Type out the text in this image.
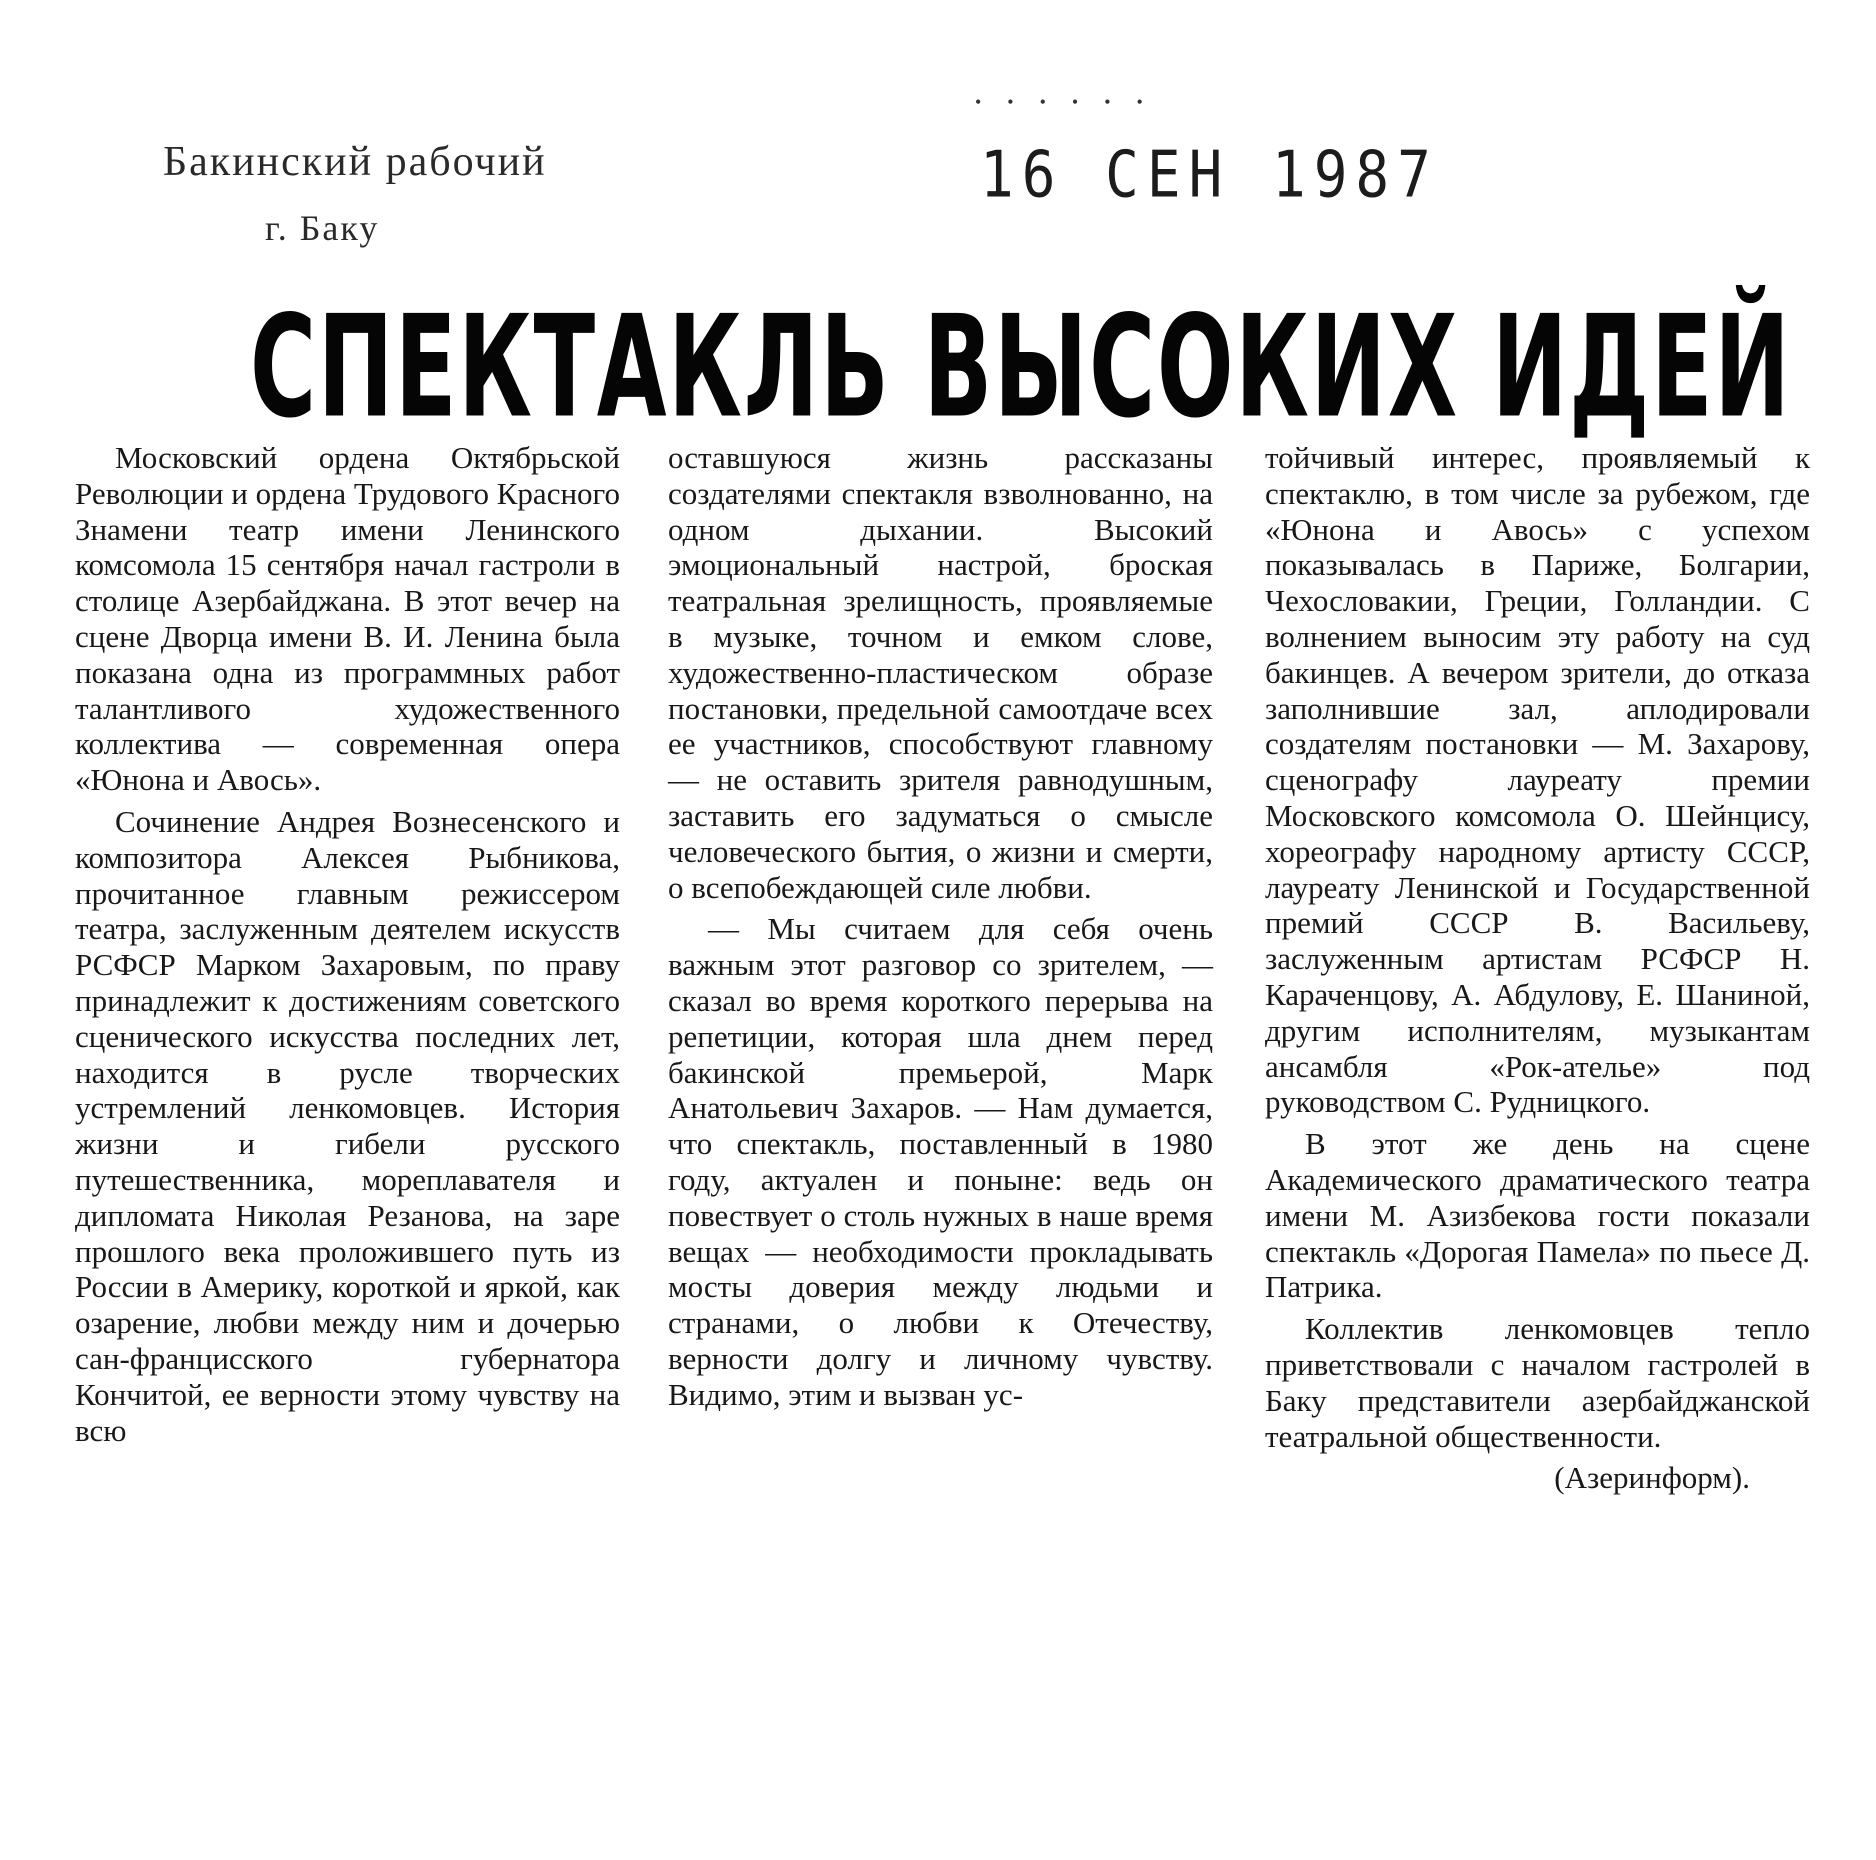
••••••
Бакинский рабочий
г. Баку
16 СЕН 1987
СПЕКТАКЛЬ ВЫСОКИХ ИДЕЙ

Московский ордена Октябрьской Революции и ордена Трудового Красного Знамени театр имени Ленинского комсомола 15 сентября начал гастроли в столице Азербайджана. В этот вечер на сцене Дворца имени В. И. Ленина была показана одна из программных работ талантливого художественного коллектива — современная опера «Юнона и Авось».

Сочинение Андрея Вознесенского и композитора Алексея Рыбникова, прочитанное главным режиссером театра, заслуженным деятелем искусств РСФСР Марком Захаровым, по праву принадлежит к достижениям советского сценического искусства последних лет, находится в русле творческих устремлений ленкомовцев. История жизни и гибели русского путешественника, мореплавателя и дипломата Николая Резанова, на заре прошлого века проложившего путь из России в Америку, короткой и яркой, как озарение, любви между ним и дочерью сан-францисского губернатора Кончитой, ее верности этому чувству на всю

оставшуюся жизнь рассказаны создателями спектакля взволнованно, на одном дыхании. Высокий эмоциональный настрой, броская театральная зрелищность, проявляемые в музыке, точном и емком слове, художественно-пластическом образе постановки, предельной самоотдаче всех ее участников, способствуют главному — не оставить зрителя равнодушным, заставить его задуматься о смысле человеческого бытия, о жизни и смерти, о всепобеждающей силе любви.

— Мы считаем для себя очень важным этот разговор со зрителем, — сказал во время короткого перерыва на репетиции, которая шла днем перед бакинской премьерой, Марк Анатольевич Захаров. — Нам думается, что спектакль, поставленный в 1980 году, актуален и поныне: ведь он повествует о столь нужных в наше время вещах — необходимости прокладывать мосты доверия между людьми и странами, о любви к Отечеству, верности долгу и личному чувству. Видимо, этим и вызван ус-

тойчивый интерес, проявляемый к спектаклю, в том числе за рубежом, где «Юнона и Авось» с успехом показывалась в Париже, Болгарии, Чехословакии, Греции, Голландии. С волнением выносим эту работу на суд бакинцев. А вечером зрители, до отказа заполнившие зал, аплодировали создателям постановки — М. Захарову, сценографу лауреату премии Московского комсомола О. Шейнцису, хореографу народному артисту СССР, лауреату Ленинской и Государственной премий СССР В. Васильеву, заслуженным артистам РСФСР Н. Караченцову, А. Абдулову, Е. Шаниной, другим исполнителям, музыкантам ансамбля «Рок-ателье» под руководством С. Рудницкого.

В этот же день на сцене Академического драматического театра имени М. Азизбекова гости показали спектакль «Дорогая Памела» по пьесе Д. Патрика.

Коллектив ленкомовцев тепло приветствовали с началом гастролей в Баку представители азербайджанской театральной общественности.

(Азеринформ).
